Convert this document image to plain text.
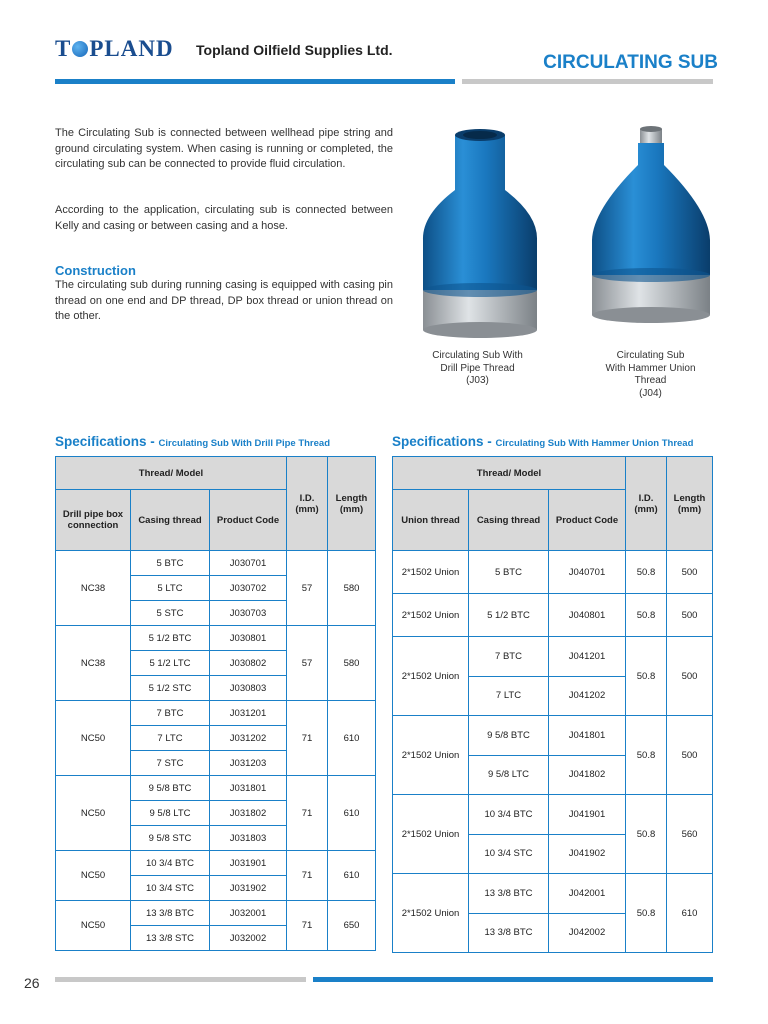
T PLAND Topland Oilfield Supplies Ltd.
CIRCULATING SUB
The Circulating Sub is connected between wellhead pipe string and ground circulating system. When casing is running or completed, the circulating sub can be connected to provide fluid circulation.
According to the application, circulating sub is connected between Kelly and casing or between casing and a hose.
Construction
The circulating sub during running casing is equipped with casing pin thread on one end and DP thread, DP box thread or union thread on the other.
Circulating Sub With
Drill Pipe Thread
(J03)
Circulating Sub
With Hammer Union
Thread
(J04)
Specifications - Circulating Sub With Drill Pipe Thread	Specifications - Circulating Sub With Hammer Union Thread
Thread/ Model			I.D. (mm)	Length (mm)
Drill pipe box connection	Casing thread	Product Code		
NC38	5 BTC	J030701	57	580
	5 LTC	J030702		
	5 STC	J030703		
NC38	5 1/2 BTC	J030801	57	580
	5 1/2 LTC	J030802		
	5 1/2 STC	J030803		
NC50	7 BTC	J031201	71	610
	7 LTC	J031202		
	7 STC	J031203		
NC50	9 5/8 BTC	J031801	71	610
	9 5/8 LTC	J031802		
	9 5/8 STC	J031803		
NC50	10 3/4 BTC	J031901	71	610
	10 3/4 STC	J031902		
NC50	13 3/8 BTC	J032001	71	650
	13 3/8 STC	J032002		
Thread/ Model			I.D. (mm)	Length (mm)
Union thread	Casing thread	Product Code		
2*1502 Union	5 BTC	J040701	50.8	500
2*1502 Union	5 1/2 BTC	J040801	50.8	500
2*1502 Union	7 BTC	J041201	50.8	500
	7 LTC	J041202		
2*1502 Union	9 5/8 BTC	J041801	50.8	500
	9 5/8 LTC	J041802		
2*1502 Union	10 3/4 BTC	J041901	50.8	560
	10 3/4 STC	J041902		
2*1502 Union	13 3/8 BTC	J042001	50.8	610
	13 3/8 BTC	J042002		
26
